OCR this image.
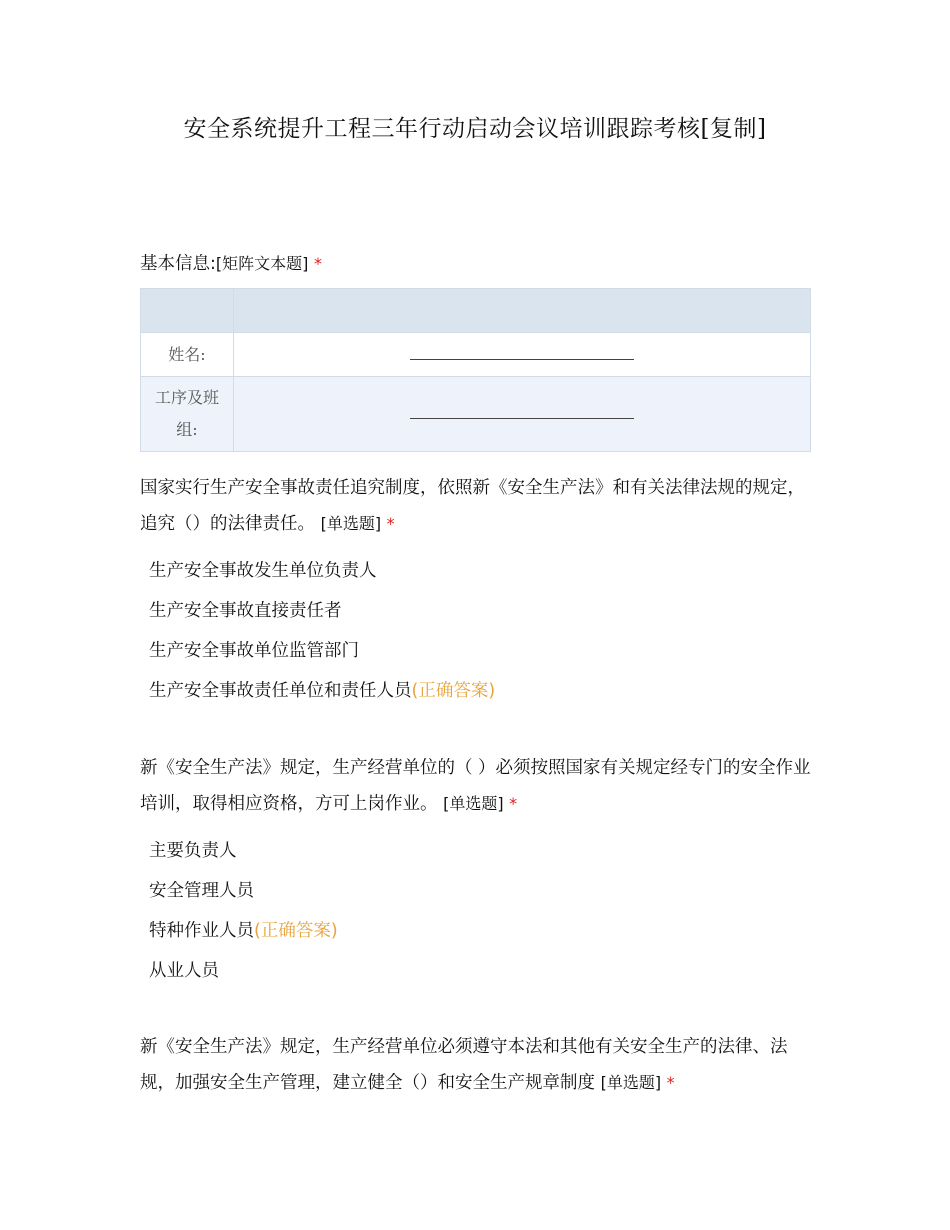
安全系统提升工程三年行动启动会议培训跟踪考核[复制]
基本信息:[矩阵文本题] *

姓名:	

工序及班组:	

国家实行生产安全事故责任追究制度，依照新《安全生产法》和有关法律法规的规定，追究（）的法律责任。 [单选题] *
生产安全事故发生单位负责人
生产安全事故直接责任者
生产安全事故单位监管部门
生产安全事故责任单位和责任人员(正确答案)
新《安全生产法》规定，生产经营单位的（ ）必须按照国家有关规定经专门的安全作业培训，取得相应资格，方可上岗作业。 [单选题] *
主要负责人
安全管理人员
特种作业人员(正确答案)
从业人员
新《安全生产法》规定，生产经营单位必须遵守本法和其他有关安全生产的法律、法规，加强安全生产管理，建立健全（）和安全生产规章制度 [单选题] *
